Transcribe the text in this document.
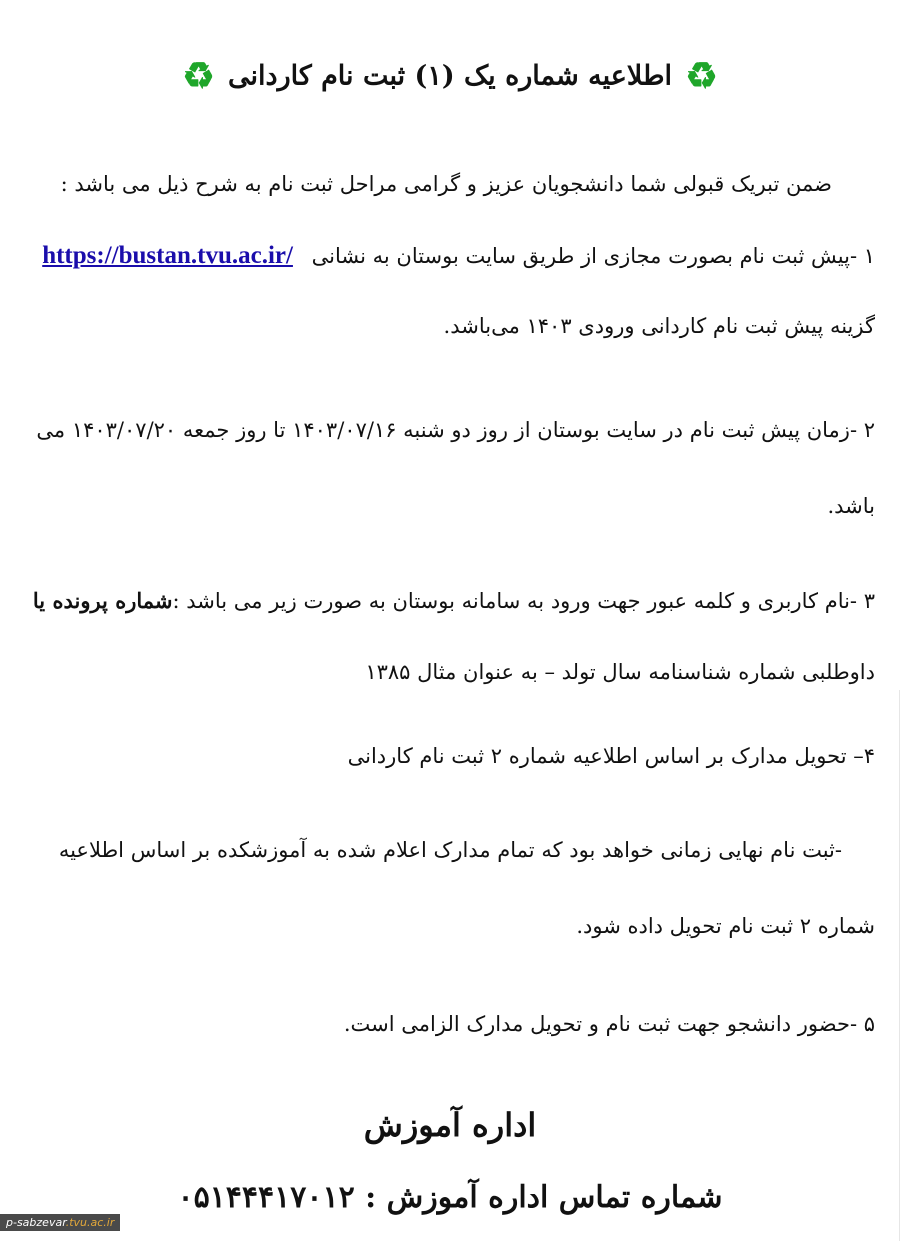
♻ اطلاعیه شماره یک (۱) ثبت نام کاردانی ♻
ضمن تبریک قبولی شما دانشجویان عزیز و گرامی مراحل ثبت نام به شرح ذیل می باشد :
۱ -پیش ثبت نام بصورت مجازی از طریق سایت بوستان به نشانی https://bustan.tvu.ac.ir/
گزینه پیش ثبت نام کاردانی ورودی ۱۴۰۳ می‌باشد.
۲ -زمان پیش ثبت نام در سایت بوستان از روز دو شنبه ۱۴۰۳/۰۷/۱۶ تا روز جمعه ۱۴۰۳/۰۷/۲۰ می
باشد.
۳ -نام کاربری و کلمه عبور جهت ورود به سامانه بوستان به صورت زیر می باشد :شماره پرونده یا
داوطلبی شماره شناسنامه سال تولد – به عنوان مثال ۱۳۸۵
۴– تحویل مدارک بر اساس اطلاعیه شماره ۲ ثبت نام کاردانی
-ثبت نام نهایی زمانی خواهد بود که تمام مدارک اعلام شده به آموزشکده بر اساس اطلاعیه
شماره ۲ ثبت نام تحویل داده شود.
۵ -حضور دانشجو جهت ثبت نام و تحویل مدارک الزامی است.
اداره آموزش
شماره تماس اداره آموزش : ۰۵۱۴۴۴۱۷۰۱۲
p-sabzevar.tvu.ac.ir
